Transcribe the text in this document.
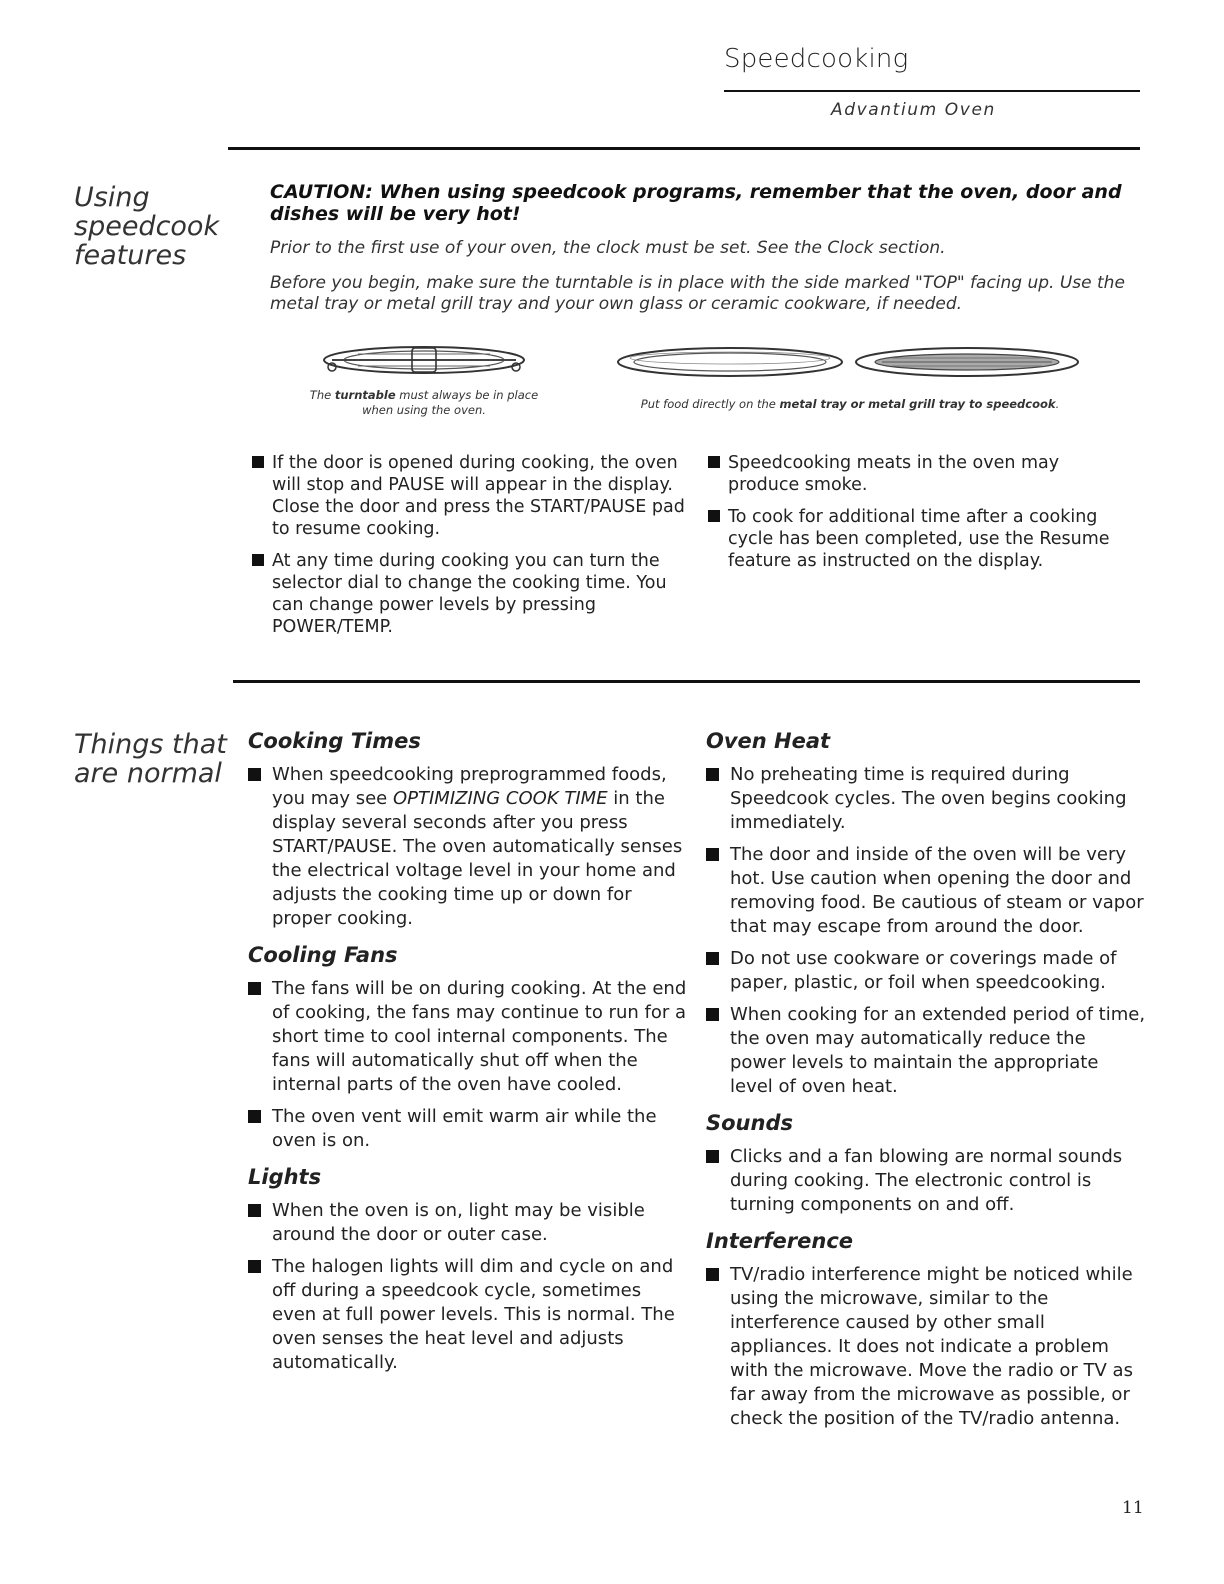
Speedcooking
Advantium Oven
Using
speedcook
features
CAUTION: When using speedcook programs, remember that the oven, door and dishes will be very hot!
Prior to the first use of your oven, the clock must be set. See the Clock section.
Before you begin, make sure the turntable is in place with the side marked "TOP" facing up. Use the metal tray or metal grill tray and your own glass or ceramic cookware, if needed.
The turntable must always be in place when using the oven.	Put food directly on the metal tray or metal grill tray to speedcook.
If the door is opened during cooking, the oven will stop and PAUSE will appear in the display. Close the door and press the START/PAUSE pad to resume cooking.
At any time during cooking you can turn the selector dial to change the cooking time. You can change power levels by pressing POWER/TEMP.
Speedcooking meats in the oven may produce smoke.
To cook for additional time after a cooking cycle has been completed, use the Resume feature as instructed on the display.
Things that
are normal
Cooking Times
When speedcooking preprogrammed foods, you may see OPTIMIZING COOK TIME in the display several seconds after you press START/PAUSE. The oven automatically senses the electrical voltage level in your home and adjusts the cooking time up or down for proper cooking.
Cooling Fans
The fans will be on during cooking. At the end of cooking, the fans may continue to run for a short time to cool internal components. The fans will automatically shut off when the internal parts of the oven have cooled.
The oven vent will emit warm air while the oven is on.
Lights
When the oven is on, light may be visible around the door or outer case.
The halogen lights will dim and cycle on and off during a speedcook cycle, sometimes even at full power levels. This is normal. The oven senses the heat level and adjusts automatically.
Oven Heat
No preheating time is required during Speedcook cycles. The oven begins cooking immediately.
The door and inside of the oven will be very hot. Use caution when opening the door and removing food. Be cautious of steam or vapor that may escape from around the door.
Do not use cookware or coverings made of paper, plastic, or foil when speedcooking.
When cooking for an extended period of time, the oven may automatically reduce the power levels to maintain the appropriate level of oven heat.
Sounds
Clicks and a fan blowing are normal sounds during cooking. The electronic control is turning components on and off.
Interference
TV/radio interference might be noticed while using the microwave, similar to the interference caused by other small appliances. It does not indicate a problem with the microwave. Move the radio or TV as far away from the microwave as possible, or check the position of the TV/radio antenna.
11
